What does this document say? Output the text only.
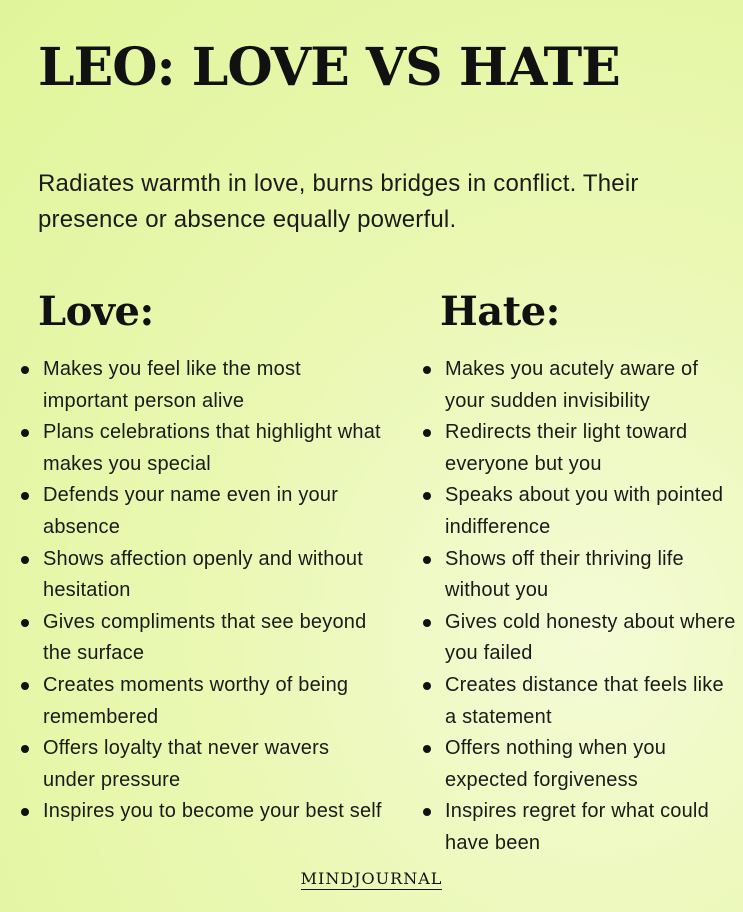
LEO: LOVE VS HATE

Radiates warmth in love, burns bridges in conflict. Their presence or absence equally powerful.

Love:
Makes you feel like the most important person alive
Plans celebrations that highlight what makes you special
Defends your name even in your absence
Shows affection openly and without hesitation
Gives compliments that see beyond the surface
Creates moments worthy of being remembered
Offers loyalty that never wavers under pressure
Inspires you to become your best self
Hate:
Makes you acutely aware of your sudden invisibility
Redirects their light toward everyone but you
Speaks about you with pointed indifference
Shows off their thriving life without you
Gives cold honesty about where you failed
Creates distance that feels like a statement
Offers nothing when you expected forgiveness
Inspires regret for what could have been
MINDJOURNAL
